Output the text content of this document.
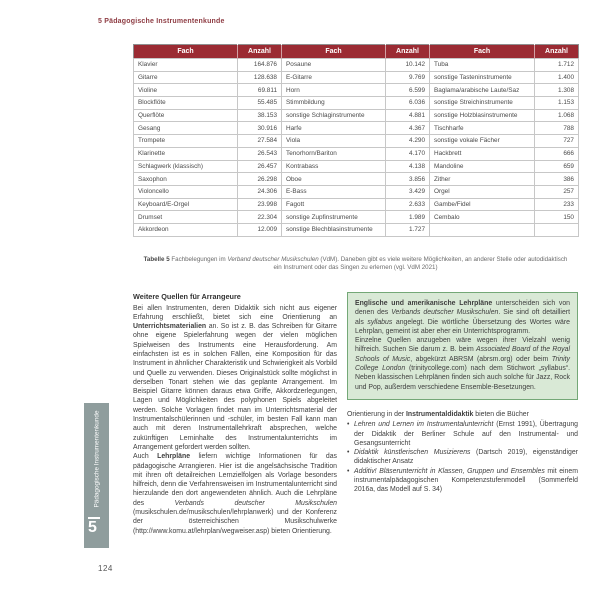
5 Pädagogische Instrumentenkunde
Fach	Anzahl	Fach	Anzahl	Fach	Anzahl
Klavier	164.876	Posaune	10.142	Tuba	1.712
Gitarre	128.638	E-Gitarre	9.769	sonstige Tasteninstrumente	1.400
Violine	69.811	Horn	6.599	Baglama/arabische Laute/Saz	1.308
Blockflöte	55.485	Stimmbildung	6.036	sonstige Streichinstrumente	1.153
Querflöte	38.153	sonstige Schlaginstrumente	4.881	sonstige Holzblasinstrumente	1.068
Gesang	30.916	Harfe	4.367	Tischharfe	788
Trompete	27.584	Viola	4.290	sonstige vokale Fächer	727
Klarinette	26.543	Tenorhorn/Bariton	4.170	Hackbrett	666
Schlagwerk (klassisch)	26.457	Kontrabass	4.138	Mandoline	659
Saxophon	26.298	Oboe	3.856	Zither	386
Violoncello	24.306	E-Bass	3.429	Orgel	257
Keyboard/E-Orgel	23.998	Fagott	2.633	Gambe/Fidel	233
Drumset	22.304	sonstige Zupfinstrumente	1.989	Cembalo	150
Akkordeon	12.009	sonstige Blechblasinstrumente	1.727		
Tabelle 5 Fachbelegungen im Verband deutscher Musikschulen (VdM). Daneben gibt es viele weitere Möglichkeiten, an anderer Stelle oder autodidaktisch ein Instrument oder das Singen zu erlernen (vgl. VdM 2021)
Weitere Quellen für Arrangeure

Bei allen Instrumenten, deren Didaktik sich nicht aus eigener Erfahrung erschließt, bietet sich eine Orientierung an Unterrichtsmaterialien an. So ist z. B. das Schreiben für Gitarre ohne eigene Spielerfahrung wegen der vielen möglichen Spielweisen des Instruments eine Herausforderung. Am einfachsten ist es in solchen Fällen, eine Komposition für das Instrument in ähnlicher Charakteristik und Schwierigkeit als Vorbild und Quelle zu verwenden. Dieses Originalstück sollte möglichst in derselben Tonart stehen wie das geplante Arrangement. Im Beispiel Gitarre können daraus etwa Griffe, Akkordzerlegungen, Lagen und Möglichkeiten des polyphonen Spiels abgeleitet werden. Solche Vorlagen findet man im Unterrichtsmaterial der Instrumentalschülerinnen und -schüler, im besten Fall kann man auch mit deren Instrumentallehrkraft absprechen, welche zukünftigen Lerninhalte des Instrumentalunterrichts im Arrangement gefordert werden sollten.

Auch Lehrpläne liefern wichtige Informationen für das pädagogische Arrangieren. Hier ist die angelsächsische Tradition mit ihren oft detailreichen Lernzielfolgen als Vorlage besonders hilfreich, denn die Verfahrensweisen im Instrumentalunterricht sind hierzulande den dort angewendeten ähnlich. Auch die Lehrpläne des Verbands deutscher Musikschulen (musikschulen.de/musikschulen/lehrplanwerk) und der Konferenz der österreichischen Musikschulwerke (http://www.komu.at/lehrplan/wegweiser.asp) bieten Orientierung.

Englische und amerikanische Lehrpläne unterscheiden sich von denen des Verbands deutscher Musikschulen. Sie sind oft detailliert als syllabus angelegt. Die wörtliche Übersetzung des Wortes wäre Lehrplan, gemeint ist aber eher ein Unterrichtsprogramm.

Einzelne Quellen anzugeben wäre wegen ihrer Vielzahl wenig hilfreich. Suchen Sie darum z. B. beim Associated Board of the Royal Schools of Music, abgekürzt ABRSM (abrsm.org) oder beim Trinity College London (trinitycollege.com) nach dem Stichwort „syllabus“. Neben klassischen Lehrplänen finden sich auch solche für Jazz, Rock und Pop, außerdem verschiedene Ensemble-Besetzungen.

Orientierung in der Instrumentaldidaktik bieten die Bücher

• Lehren und Lernen im Instrumentalunterricht (Ernst 1991), Übertragung der Didaktik der Berliner Schule auf den Instrumental- und Gesangsunterricht
• Didaktik künstlerischen Musizierens (Dartsch 2019), eigenständiger didaktischer Ansatz
• Additiv! Bläserunterricht in Klassen, Gruppen und Ensembles mit einem instrumentalpädagogischen Kompetenzstufenmodell (Sommerfeld 2016a, das Modell auf S. 34)
Pädagogische Instrumentenkunde
5
124
